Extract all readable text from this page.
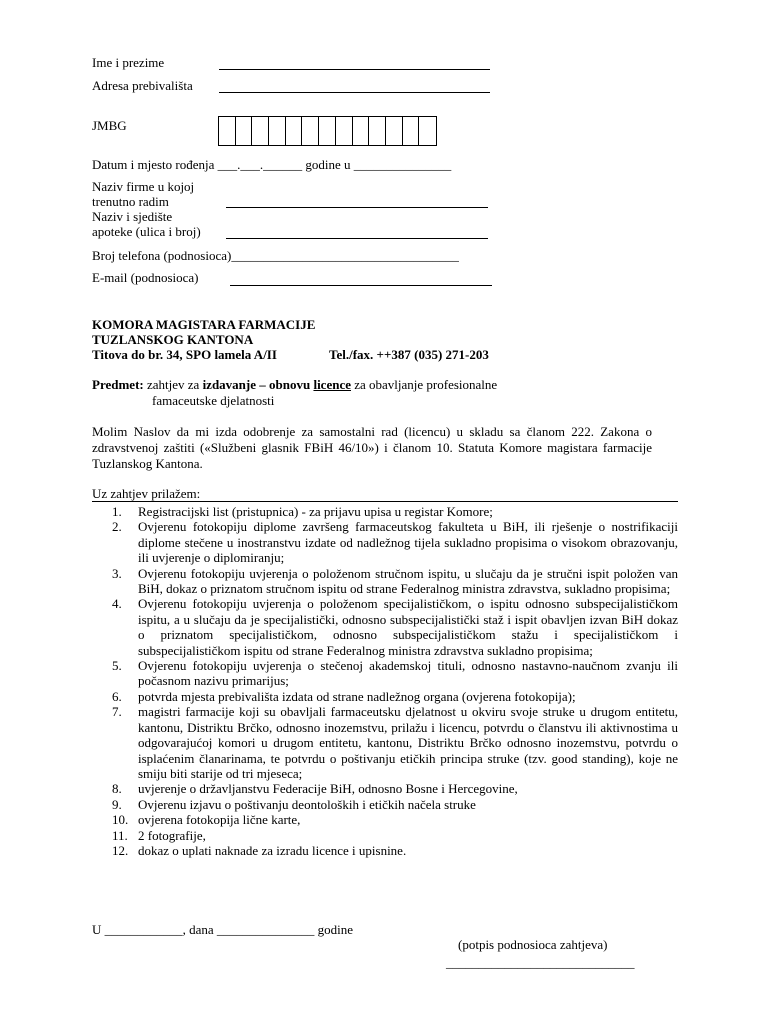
Ime i prezime
Adresa prebivališta
JMBG
Datum i mjesto rođenja ___.___.______ godine u _______________
Naziv firme u kojoj
trenutno radim
Naziv i sjedište
apoteke (ulica i broj)
Broj telefona (podnosioca)___________________________________
E-mail (podnosioca)
KOMORA MAGISTARA FARMACIJE
TUZLANSKOG KANTONA
Titova do br. 34, SPO lamela A/II	Tel./fax. ++387 (035) 271-203
Predmet: zahtjev za izdavanje – obnovu licence za obavljanje profesionalne
famaceutske djelatnosti
Molim Naslov da mi izda odobrenje za samostalni rad (licencu) u skladu sa članom 222. Zakona o zdravstvenoj zaštiti («Službeni glasnik FBiH 46/10») i članom 10. Statuta Komore magistara farmacije Tuzlanskog Kantona.
Uz zahtjev prilažem:
1. Registracijski list (pristupnica) - za prijavu upisa u registar Komore;
2. Ovjerenu fotokopiju diplome završeng farmaceutskog fakulteta u BiH, ili rješenje o nostrifikaciji diplome stečene u inostranstvu izdate od nadležnog tijela sukladno propisima o visokom obrazovanju, ili uvjerenje o diplomiranju;
3. Ovjerenu fotokopiju uvjerenja o položenom stručnom ispitu, u slučaju da je stručni ispit položen van BiH, dokaz o priznatom stručnom ispitu od strane Federalnog ministra zdravstva, sukladno propisima;
4. Ovjerenu fotokopiju uvjerenja o položenom specijalističkom, o ispitu odnosno subspecijalističkom ispitu, a u slučaju da je specijalistički, odnosno subspecijalistički staž i ispit obavljen izvan BiH dokaz o priznatom specijalističkom, odnosno subspecijalističkom stažu i specijalističkom i subspecijalističkom ispitu od strane Federalnog ministra zdravstva sukladno propisima;
5. Ovjerenu fotokopiju uvjerenja o stečenoj akademskoj tituli, odnosno nastavno-naučnom zvanju ili počasnom nazivu primarijus;
6. potvrda mjesta prebivališta izdata od strane nadležnog organa (ovjerena fotokopija);
7. magistri farmacije koji su obavljali farmaceutsku djelatnost u okviru svoje struke u drugom entitetu, kantonu, Distriktu Brčko, odnosno inozemstvu, prilažu i licencu, potvrdu o članstvu ili aktivnostima u odgovarajućoj komori u drugom entitetu, kantonu, Distriktu Brčko odnosno inozemstvu, potvrdu o isplaćenim članarinama, te potvrdu o poštivanju etičkih principa struke (tzv. good standing), koje ne smiju biti starije od tri mjeseca;
8. uvjerenje o državljanstvu Federacije BiH, odnosno Bosne i Hercegovine,
9. Ovjerenu izjavu o poštivanju deontoloških i etičkih načela struke
10. ovjerena fotokopija lične karte,
11. 2 fotografije,
12. dokaz o uplati naknade za izradu licence i upisnine.
U ____________, dana _______________ godine
(potpis podnosioca zahtjeva)
_____________________________
